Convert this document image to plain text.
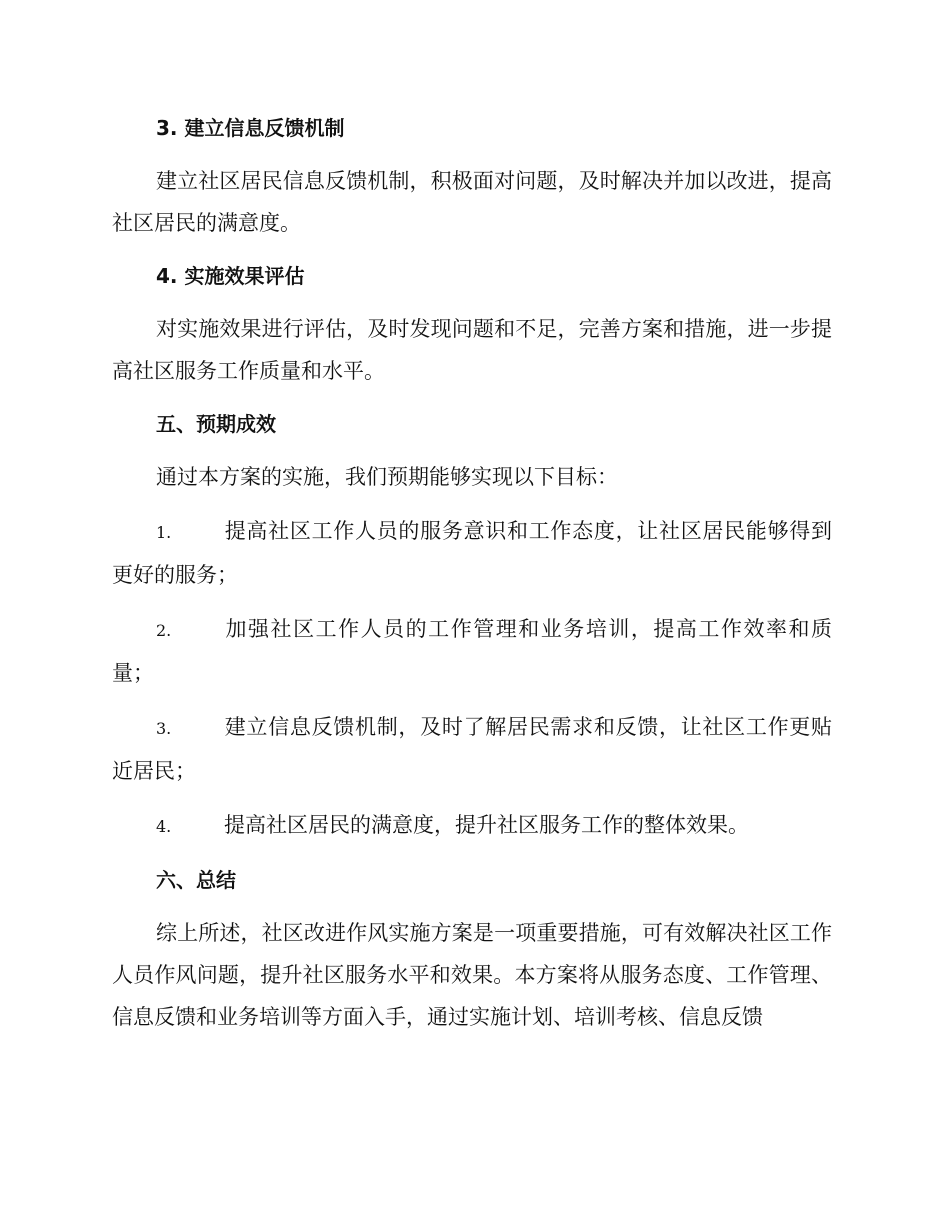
3. 建立信息反馈机制

建立社区居民信息反馈机制，积极面对问题，及时解决并加以改进，提高社区居民的满意度。

4. 实施效果评估

对实施效果进行评估，及时发现问题和不足，完善方案和措施，进一步提高社区服务工作质量和水平。

五、预期成效

通过本方案的实施，我们预期能够实现以下目标：

1.	提高社区工作人员的服务意识和工作态度，让社区居民能够得到更好的服务；
2.	加强社区工作人员的工作管理和业务培训，提高工作效率和质量；
3.	建立信息反馈机制，及时了解居民需求和反馈，让社区工作更贴近居民；
4.	提高社区居民的满意度，提升社区服务工作的整体效果。
六、总结

综上所述，社区改进作风实施方案是一项重要措施，可有效解决社区工作人员作风问题，提升社区服务水平和效果。本方案将从服务态度、工作管理、信息反馈和业务培训等方面入手，通过实施计划、培训考核、信息反馈
